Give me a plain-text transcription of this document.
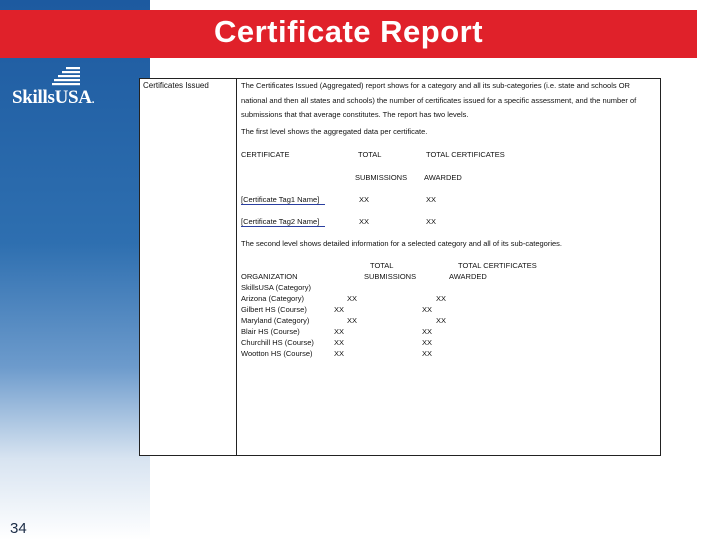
SkillsUSA.
34
Certificate Report
Certificates Issued	The Certificates Issued (Aggregated) report shows for a category and all its sub-categories (i.e. state and schools OR national and then all states and schools) the number of certificates issued for a specific assessment, and the number of submissions that that average constitutes. The report has two levels.
The first level shows the aggregated data per certificate.
CERTIFICATE	TOTAL	TOTAL CERTIFICATES
SUBMISSIONS AWARDED
[Certificate Tag1 Name]	XX	XX
[Certificate Tag2 Name]	XX	XX
The second level shows detailed information for a selected category and all of its sub-categories.
TOTAL	TOTAL CERTIFICATES
ORGANIZATION	SUBMISSIONS	AWARDED
SkillsUSA (Category)
Arizona (Category)	XX	XX
Gilbert HS (Course)	XX	XX
Maryland (Category)	XX	XX
Blair HS (Course)	XX	XX
Churchill HS (Course)	XX	XX
Wootton HS (Course)	XX	XX
